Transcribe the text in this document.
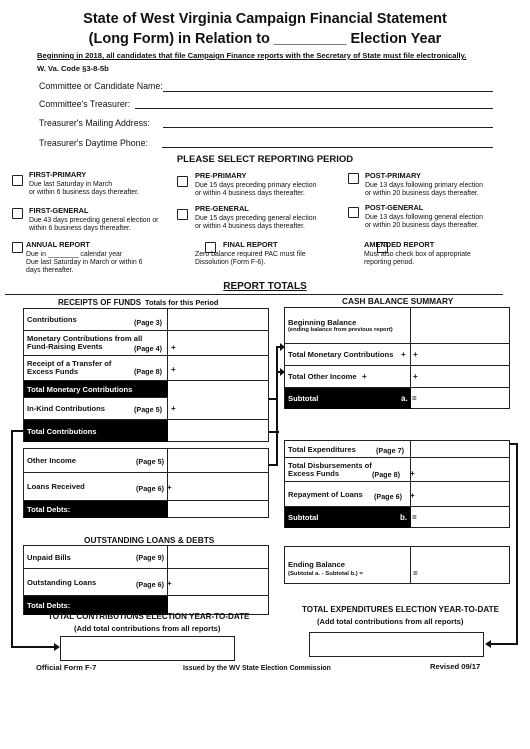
State of West Virginia Campaign Financial Statement
(Long Form) in Relation to _________ Election Year
Beginning in 2018, all candidates that file Campaign Finance reports with the Secretary of State must file electronically.
W. Va. Code §3-8-5b
Committee or Candidate Name:
Committee's Treasurer:
Treasurer's Mailing Address:
Treasurer's Daytime Phone:
PLEASE SELECT REPORTING PERIOD
FIRST-PRIMARY
Due last Saturday in March
or within 6 business days thereafter.
PRE-PRIMARY
Due 15 days preceding primary election
or within 4 business days thereafter.
POST-PRIMARY
Due 13 days following primary election
or within 20 business days thereafter.
FIRST-GENERAL
Due 43 days preceding general election or
within 6 business days thereafter.
PRE-GENERAL
Due 15 days preceding general election
or within 4 business days thereafter.
POST-GENERAL
Due 13 days following general election
or within 20 business days thereafter.
ANNUAL REPORT
Due in ________ calendar year
Due last Saturday in March or within 6
days thereafter.
FINAL REPORT
Zero balance required PAC must file
Dissolution (Form F-6).
AMENDED REPORT
Must also check box of appropriate
reporting period.
REPORT TOTALS
RECEIPTS OF FUNDS Totals for this Period	CASH BALANCE SUMMARY
Contributions	(Page 3)
Monetary Contributions from all Fund-Raising Events	(Page 4) +
Receipt of a Transfer of Excess Funds	(Page 8) +
Total Monetary Contributions
In-Kind Contributions	(Page 5) +
Total Contributions
Other Income	(Page 5)
Loans Received	(Page 6) +
Total Debts:
OUTSTANDING LOANS & DEBTS
Unpaid Bills	(Page 9)
Outstanding Loans	(Page 6) +
Total Debts:
Beginning Balance
(ending balance from previous report)
Total Monetary Contributions + +
Total Other Income +	+
Subtotal	a. =
Total Expenditures	(Page 7)
Total Disbursements of Excess Funds	(Page 8) +
Repayment of Loans (Page 6) +
Subtotal	b. =
Ending Balance
(Subtotal a. - Subtotal b.) =	=
TOTAL CONTRIBUTIONS ELECTION YEAR-TO-DATE
(Add total contributions from all reports)
TOTAL EXPENDITURES ELECTION YEAR-TO-DATE
(Add total contributions from all reports)
Official Form F-7	Issued by the WV State Election Commission	Revised 09/17
